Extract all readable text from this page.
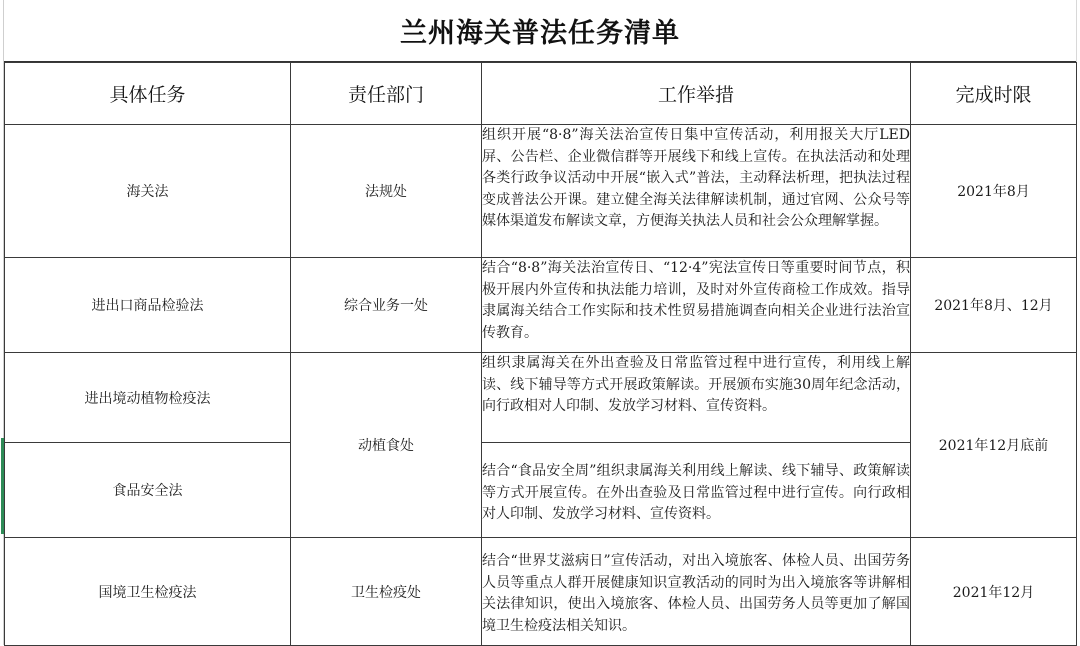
兰州海关普法任务清单
具体任务	责任部门	工作举措	完成时限
海关法	法规处	组织开展“8·8”海关法治宣传日集中宣传活动，利用报关大厅LED屏、公告栏、企业微信群等开展线下和线上宣传。在执法活动和处理各类行政争议活动中开展“嵌入式”普法，主动释法析理，把执法过程变成普法公开课。建立健全海关法律解读机制，通过官网、公众号等媒体渠道发布解读文章，方便海关执法人员和社会公众理解掌握。	2021年8月
进出口商品检验法	综合业务一处	结合“8·8”海关法治宣传日、“12·4”宪法宣传日等重要时间节点，积极开展内外宣传和执法能力培训，及时对外宣传商检工作成效。指导隶属海关结合工作实际和技术性贸易措施调查向相关企业进行法治宣传教育。	2021年8月、12月
进出境动植物检疫法	动植食处	组织隶属海关在外出查验及日常监管过程中进行宣传，利用线上解读、线下辅导等方式开展政策解读。开展颁布实施30周年纪念活动，向行政相对人印制、发放学习材料、宣传资料。	2021年12月底前
食品安全法		结合“食品安全周”组织隶属海关利用线上解读、线下辅导、政策解读等方式开展宣传。在外出查验及日常监管过程中进行宣传。向行政相对人印制、发放学习材料、宣传资料。	
国境卫生检疫法	卫生检疫处	结合“世界艾滋病日”宣传活动，对出入境旅客、体检人员、出国劳务人员等重点人群开展健康知识宣教活动的同时为出入境旅客等讲解相关法律知识，使出入境旅客、体检人员、出国劳务人员等更加了解国境卫生检疫法相关知识。	2021年12月
